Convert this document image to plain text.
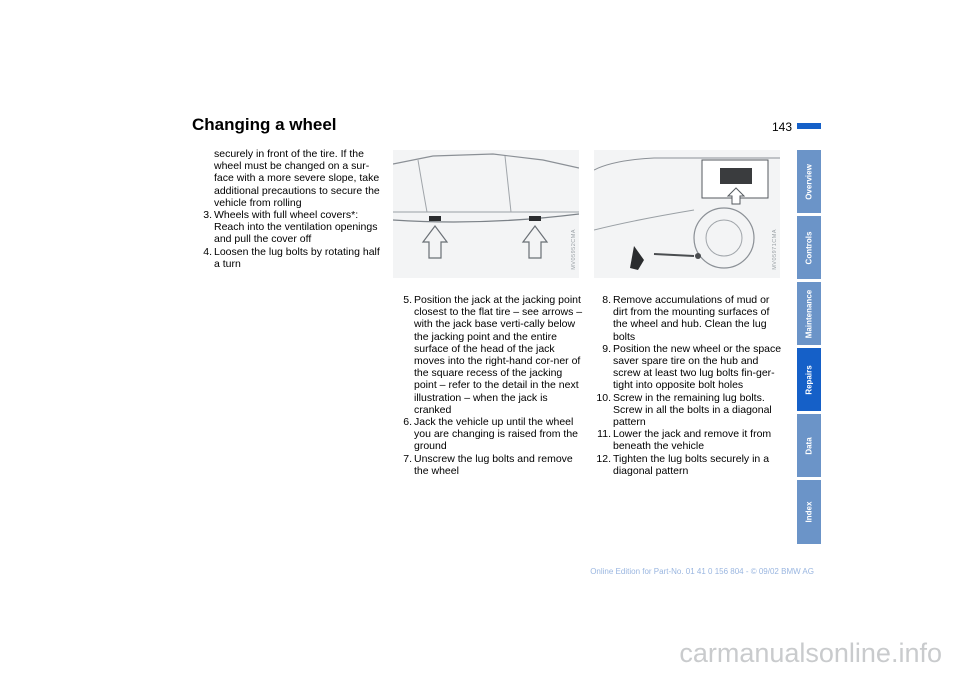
Changing a wheel	143

securely in front of the tire. If the wheel must be changed on a sur-face with a more severe slope, take additional precautions to secure the vehicle from rolling

3. Wheels with full wheel covers*: Reach into the ventilation openings and pull the cover off
4. Loosen the lug bolts by rotating half a turn	MV05952CMA	MV05971CMA
5. Position the jack at the jacking point closest to the flat tire – see arrows – with the jack base verti-cally below the jacking point and the entire surface of the head of the jack moves into the right-hand cor-ner of the square recess of the jacking point – refer to the detail in the next illustration – when the jack is cranked
6. Jack the vehicle up until the wheel you are changing is raised from the ground
7. Unscrew the lug bolts and remove the wheel
8. Remove accumulations of mud or dirt from the mounting surfaces of the wheel and hub. Clean the lug bolts
9. Position the new wheel or the space saver spare tire on the hub and screw at least two lug bolts fin-ger-tight into opposite bolt holes
10. Screw in the remaining lug bolts. Screw in all the bolts in a diagonal pattern
11. Lower the jack and remove it from beneath the vehicle
12. Tighten the lug bolts securely in a diagonal pattern
Overview
Controls
Maintenance
Repairs
Data
Index
Online Edition for Part-No. 01 41 0 156 804 - © 09/02 BMW AG
carmanualsonline.info
